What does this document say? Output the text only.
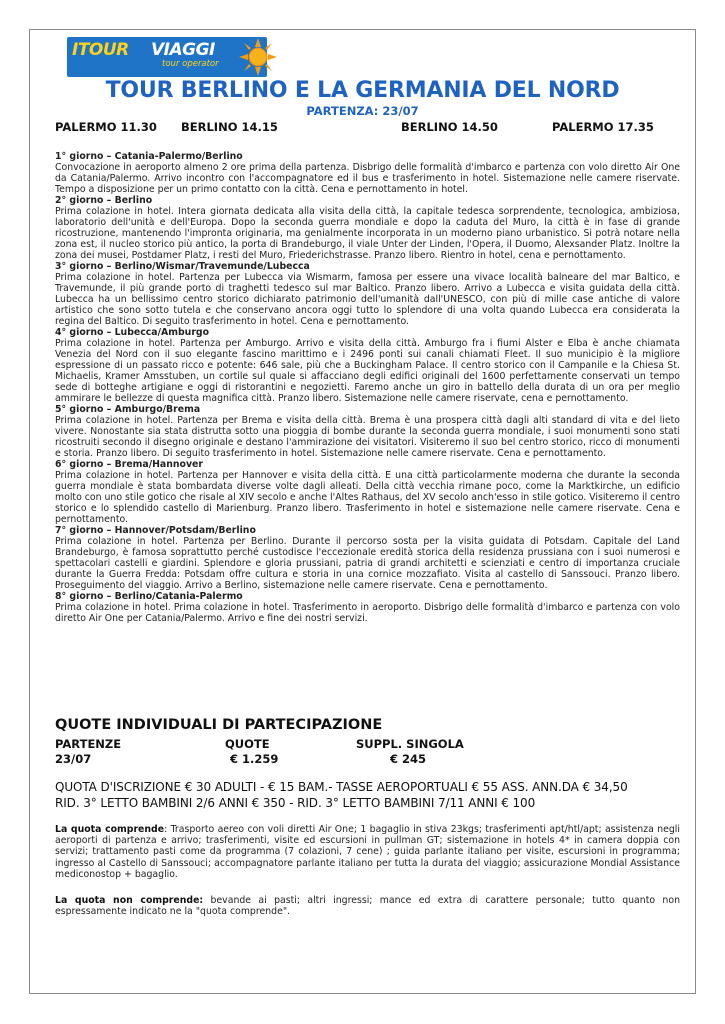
ITOUR VIAGGI
tour operator
TOUR BERLINO E LA GERMANIA DEL NORD
PARTENZA: 23/07
PALERMO 11.30 BERLINO 14.15	BERLINO 14.50	PALERMO 17.35
1° giorno – Catania-Palermo/Berlino
Convocazione in aeroporto almeno 2 ore prima della partenza. Disbrigo delle formalità d'imbarco e partenza con volo diretto Air One da Catania/Palermo. Arrivo incontro con l'accompagnatore ed il bus e trasferimento in hotel. Sistemazione nelle camere riservate. Tempo a disposizione per un primo contatto con la città. Cena e pernottamento in hotel.
2° giorno – Berlino
Prima colazione in hotel. Intera giornata dedicata alla visita della città, la capitale tedesca sorprendente, tecnologica, ambiziosa, laboratorio dell'unità e dell'Europa. Dopo la seconda guerra mondiale e dopo la caduta del Muro, la città è in fase di grande ricostruzione, mantenendo l'impronta originaria, ma genialmente incorporata in un moderno piano urbanistico. Si potrà notare nella zona est, il nucleo storico più antico, la porta di Brandeburgo, il viale Unter der Linden, l'Opera, il Duomo, Alexsander Platz. Inoltre la zona dei musei, Postdamer Platz, i resti del Muro, Friederichstrasse. Pranzo libero. Rientro in hotel, cena e pernottamento.
3° giorno – Berlino/Wismar/Travemunde/Lubecca
Prima colazione in hotel. Partenza per Lubecca via Wismarm, famosa per essere una vivace località balneare del mar Baltico, e Travemunde, il più grande porto di traghetti tedesco sul mar Baltico. Pranzo libero. Arrivo a Lubecca e visita guidata della città. Lubecca ha un bellissimo centro storico dichiarato patrimonio dell'umanità dall'UNESCO, con più di mille case antiche di valore artistico che sono sotto tutela e che conservano ancora oggi tutto lo splendore di una volta quando Lubecca era considerata la regina del Baltico. Di seguito trasferimento in hotel. Cena e pernottamento.
4° giorno – Lubecca/Amburgo
Prima colazione in hotel. Partenza per Amburgo. Arrivo e visita della città. Amburgo fra i fiumi Alster e Elba è anche chiamata Venezia del Nord con il suo elegante fascino marittimo e i 2496 ponti sui canali chiamati Fleet. Il suo municipio è la migliore espressione di un passato ricco e potente: 646 sale, più che a Buckingham Palace. Il centro storico con il Campanile e la Chiesa St. Michaelis, Kramer Amsstuben, un cortile sul quale si affacciano degli edifici originali del 1600 perfettamente conservati un tempo sede di botteghe artigiane e oggi di ristorantini e negozietti. Faremo anche un giro in battello della durata di un ora per meglio ammirare le bellezze di questa magnifica città. Pranzo libero. Sistemazione nelle camere riservate, cena e pernottamento.
5° giorno – Amburgo/Brema
Prima colazione in hotel. Partenza per Brema e visita della città. Brema è una prospera città dagli alti standard di vita e del lieto vivere. Nonostante sia stata distrutta sotto una pioggia di bombe durante la seconda guerra mondiale, i suoi monumenti sono stati ricostruiti secondo il disegno originale e destano l'ammirazione dei visitatori. Visiteremo il suo bel centro storico, ricco di monumenti e storia. Pranzo libero. Di seguito trasferimento in hotel. Sistemazione nelle camere riservate. Cena e pernottamento.
6° giorno – Brema/Hannover
Prima colazione in hotel. Partenza per Hannover e visita della città. E una città particolarmente moderna che durante la seconda guerra mondiale è stata bombardata diverse volte dagli alleati. Della città vecchia rimane poco, come la Marktkirche, un edificio molto con uno stile gotico che risale al XIV secolo e anche l'Altes Rathaus, del XV secolo anch'esso in stile gotico. Visiteremo il centro storico e lo splendido castello di Marienburg. Pranzo libero. Trasferimento in hotel e sistemazione nelle camere riservate. Cena e pernottamento.
7° giorno – Hannover/Potsdam/Berlino
Prima colazione in hotel. Partenza per Berlino. Durante il percorso sosta per la visita guidata di Potsdam. Capitale del Land Brandeburgo, è famosa soprattutto perché custodisce l'eccezionale eredità storica della residenza prussiana con i suoi numerosi e spettacolari castelli e giardini. Splendore e gloria prussiani, patria di grandi architetti e scienziati e centro di importanza cruciale durante la Guerra Fredda: Potsdam offre cultura e storia in una cornice mozzafiato. Visita al castello di Sanssouci. Pranzo libero. Proseguimento del viaggio. Arrivo a Berlino, sistemazione nelle camere riservate. Cena e pernottamento.
8° giorno – Berlino/Catania-Palermo
Prima colazione in hotel. Prima colazione in hotel. Trasferimento in aeroporto. Disbrigo delle formalità d'imbarco e partenza con volo diretto Air One per Catania/Palermo. Arrivo e fine dei nostri servizi.
QUOTE INDIVIDUALI DI PARTECIPAZIONE
PARTENZE	QUOTE	SUPPL. SINGOLA
23/07	€ 1.259	€ 245
QUOTA D'ISCRIZIONE € 30 ADULTI - € 15 BAM.- TASSE AEROPORTUALI € 55 ASS. ANN.DA € 34,50
RID. 3° LETTO BAMBINI 2/6 ANNI € 350 - RID. 3° LETTO BAMBINI 7/11 ANNI € 100
La quota comprende: Trasporto aereo con voli diretti Air One; 1 bagaglio in stiva 23kgs; trasferimenti apt/htl/apt; assistenza negli aeroporti di partenza e arrivo; trasferimenti, visite ed escursioni in pullman GT; sistemazione in hotels 4* in camera doppia con servizi; trattamento pasti come da programma (7 colazioni, 7 cene) ; guida parlante italiano per visite, escursioni in programma; ingresso al Castello di Sanssouci; accompagnatore parlante italiano per tutta la durata del viaggio; assicurazione Mondial Assistance mediconostop + bagaglio.
La quota non comprende: bevande ai pasti; altri ingressi; mance ed extra di carattere personale; tutto quanto non espressamente indicato ne la "quota comprende".
